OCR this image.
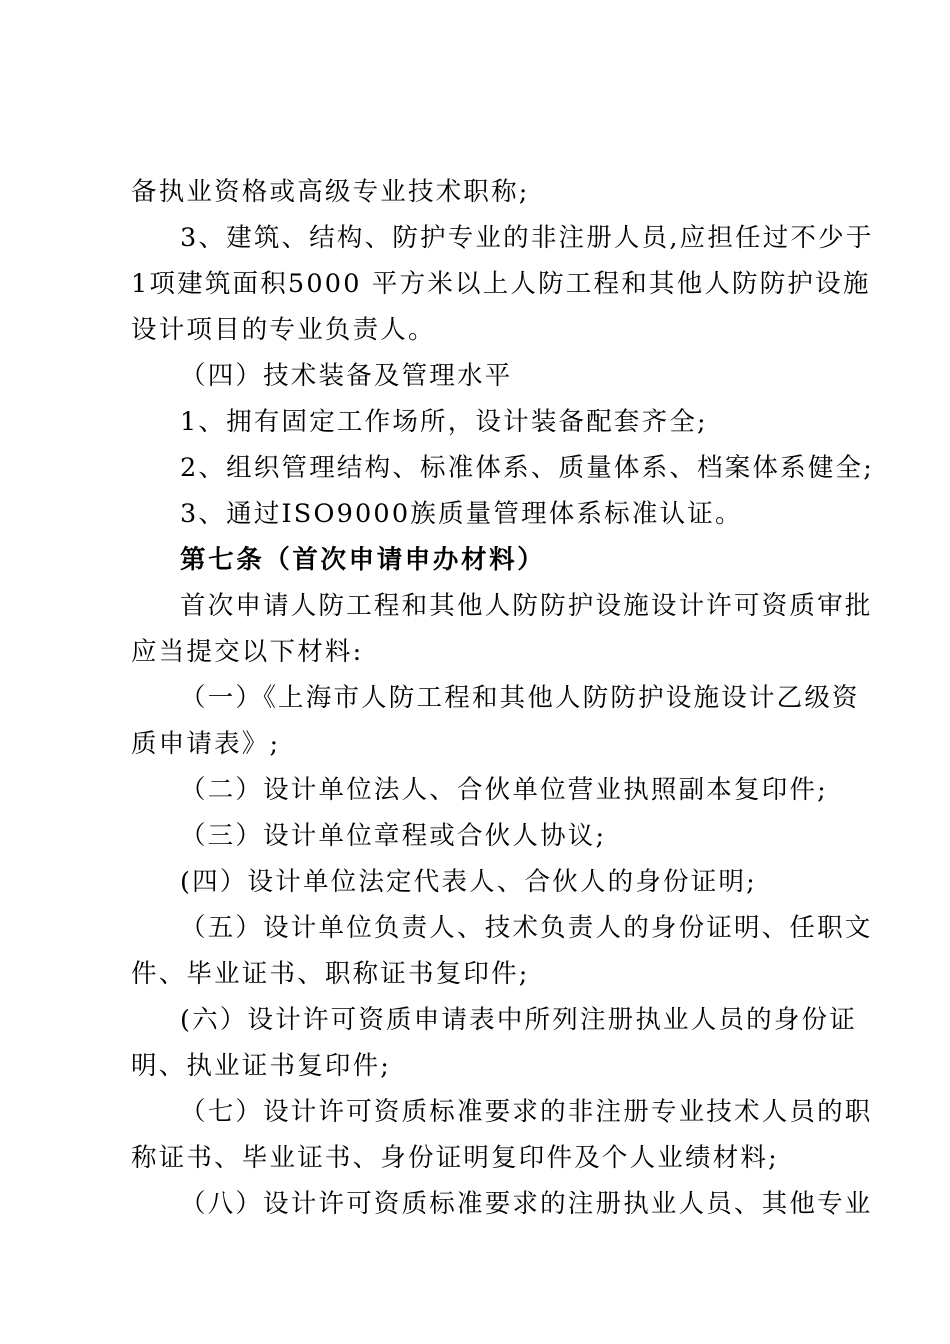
备执业资格或高级专业技术职称;
3、建筑、结构、防护专业的非注册人员,应担任过不少于
1项建筑面积5000 平方米以上人防工程和其他人防防护设施
设计项目的专业负责人。
（四）技术装备及管理水平
1、拥有固定工作场所，设计装备配套齐全;
2、组织管理结构、标准体系、质量体系、档案体系健全;
3、通过ISO9000族质量管理体系标准认证。
第七条（首次申请申办材料）
首次申请人防工程和其他人防防护设施设计许可资质审批
应当提交以下材料:
（一）《上海市人防工程和其他人防防护设施设计乙级资
质申请表》;
（二）设计单位法人、合伙单位营业执照副本复印件;
（三）设计单位章程或合伙人协议;
(四）设计单位法定代表人、合伙人的身份证明;
（五）设计单位负责人、技术负责人的身份证明、任职文
件、毕业证书、职称证书复印件;
(六）设计许可资质申请表中所列注册执业人员的身份证
明、执业证书复印件;
（七）设计许可资质标准要求的非注册专业技术人员的职
称证书、毕业证书、身份证明复印件及个人业绩材料;
（八）设计许可资质标准要求的注册执业人员、其他专业
